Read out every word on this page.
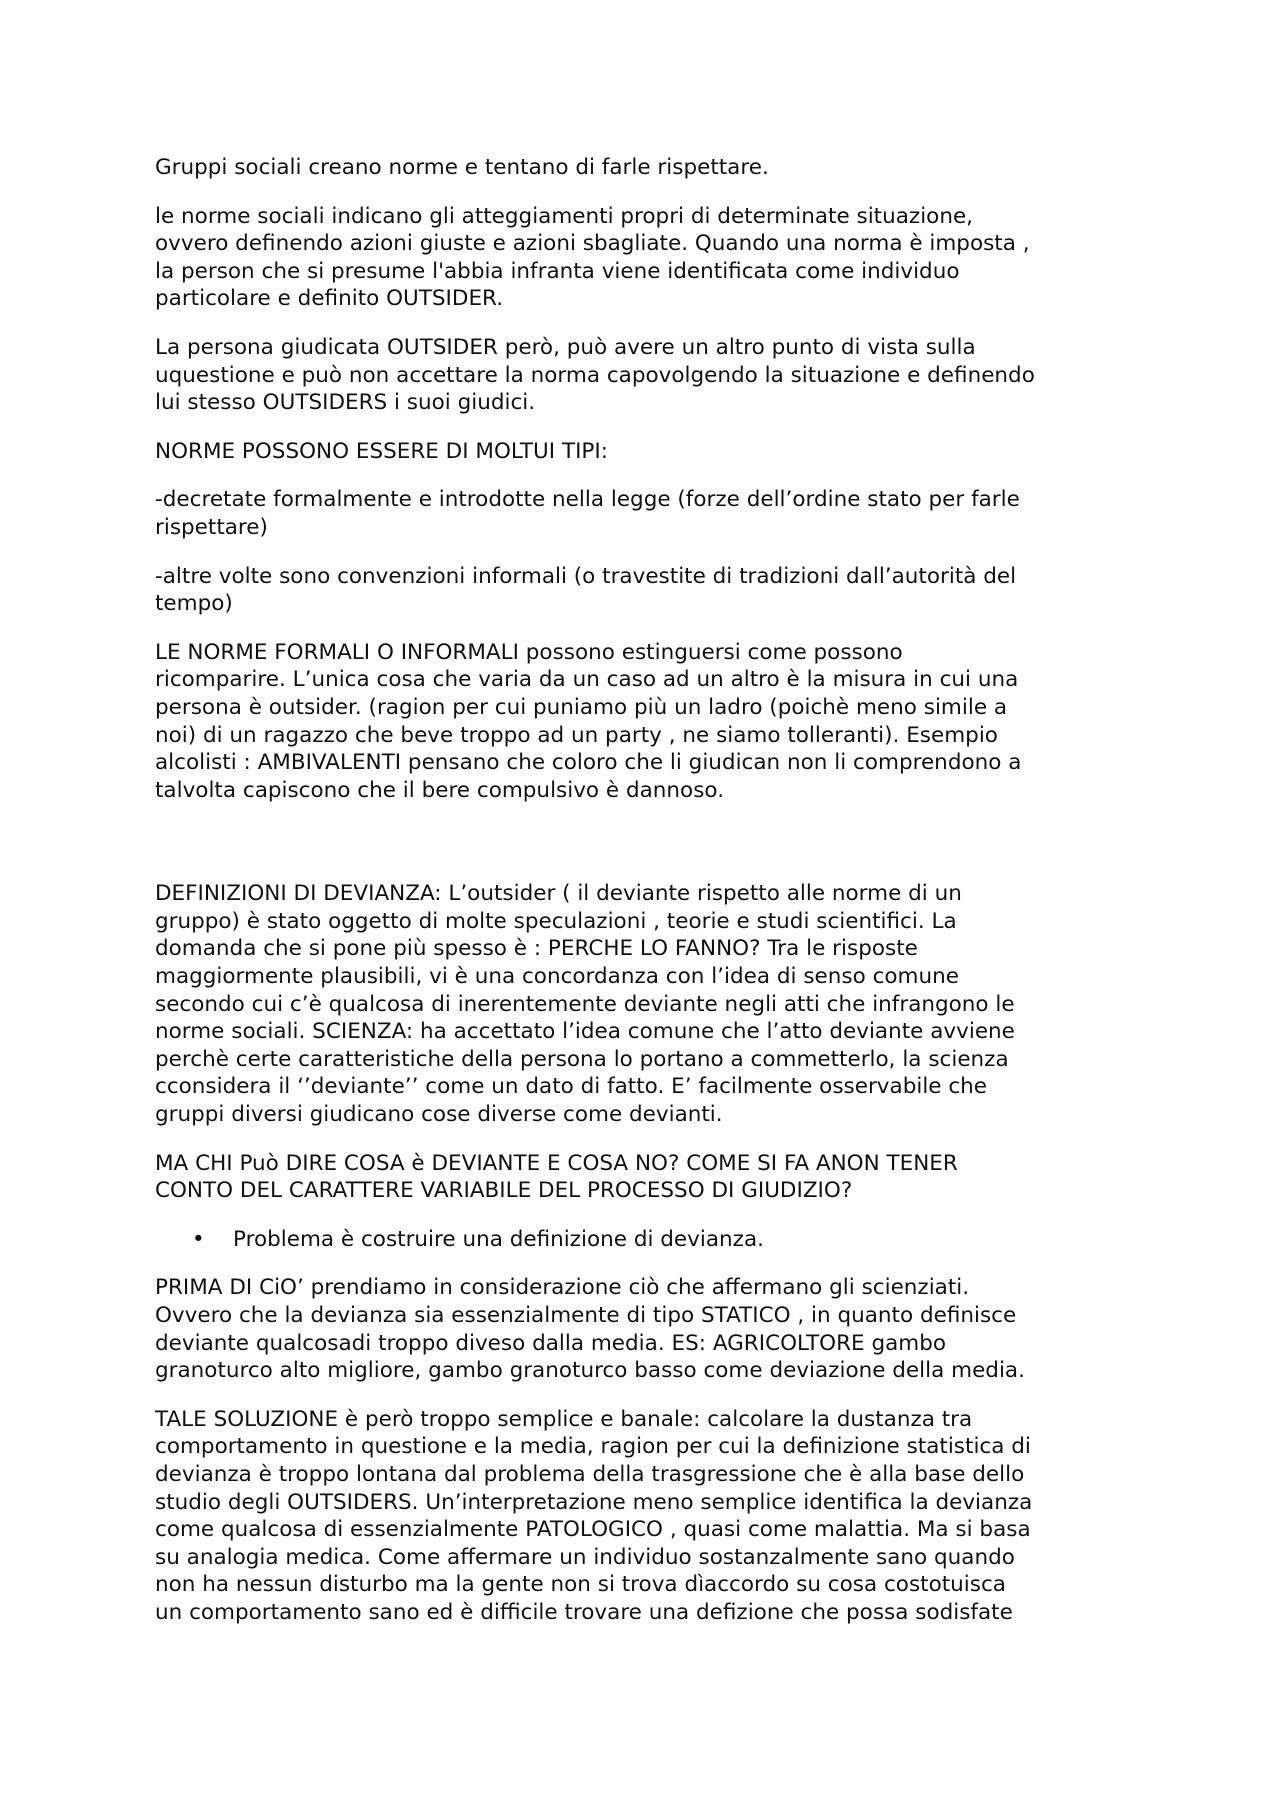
Gruppi sociali creano norme e tentano di farle rispettare.

le norme sociali indicano gli atteggiamenti propri di determinate situazione,
ovvero definendo azioni giuste e azioni sbagliate. Quando una norma è imposta ,
la person che si presume l'abbia infranta viene identificata come individuo
particolare e definito OUTSIDER.

La persona giudicata OUTSIDER però, può avere un altro punto di vista sulla
uquestione e può non accettare la norma capovolgendo la situazione e definendo
lui stesso OUTSIDERS i suoi giudici.

NORME POSSONO ESSERE DI MOLTUI TIPI:

-decretate formalmente e introdotte nella legge (forze dell’ordine stato per farle
rispettare)

-altre volte sono convenzioni informali (o travestite di tradizioni dall’autorità del
tempo)

LE NORME FORMALI O INFORMALI possono estinguersi come possono
ricomparire. L’unica cosa che varia da un caso ad un altro è la misura in cui una
persona è outsider. (ragion per cui puniamo più un ladro (poichè meno simile a
noi) di un ragazzo che beve troppo ad un party , ne siamo tolleranti). Esempio
alcolisti : AMBIVALENTI pensano che coloro che li giudican non li comprendono a
talvolta capiscono che il bere compulsivo è dannoso.

DEFINIZIONI DI DEVIANZA: L’outsider ( il deviante rispetto alle norme di un
gruppo) è stato oggetto di molte speculazioni , teorie e studi scientifici. La
domanda che si pone più spesso è : PERCHE LO FANNO? Tra le risposte
maggiormente plausibili, vi è una concordanza con l’idea di senso comune
secondo cui c’è qualcosa di inerentemente deviante negli atti che infrangono le
norme sociali. SCIENZA: ha accettato l’idea comune che l’atto deviante avviene
perchè certe caratteristiche della persona lo portano a commetterlo, la scienza
cconsidera il ‘’deviante’’ come un dato di fatto. E’ facilmente osservabile che
gruppi diversi giudicano cose diverse come devianti.

MA CHI Può DIRE COSA è DEVIANTE E COSA NO? COME SI FA ANON TENER
CONTO DEL CARATTERE VARIABILE DEL PROCESSO DI GIUDIZIO?

•	Problema è costruire una definizione di devianza.

PRIMA DI CiO’ prendiamo in considerazione ciò che affermano gli scienziati.
Ovvero che la devianza sia essenzialmente di tipo STATICO , in quanto definisce
deviante qualcosadi troppo diveso dalla media. ES: AGRICOLTORE gambo
granoturco alto migliore, gambo granoturco basso come deviazione della media.

TALE SOLUZIONE è però troppo semplice e banale: calcolare la dustanza tra
comportamento in questione e la media, ragion per cui la definizione statistica di
devianza è troppo lontana dal problema della trasgressione che è alla base dello
studio degli OUTSIDERS. Un’interpretazione meno semplice identifica la devianza
come qualcosa di essenzialmente PATOLOGICO , quasi come malattia. Ma si basa
su analogia medica. Come affermare un individuo sostanzalmente sano quando
non ha nessun disturbo ma la gente non si trova dìaccordo su cosa costotuisca
un comportamento sano ed è difficile trovare una defizione che possa sodisfate
